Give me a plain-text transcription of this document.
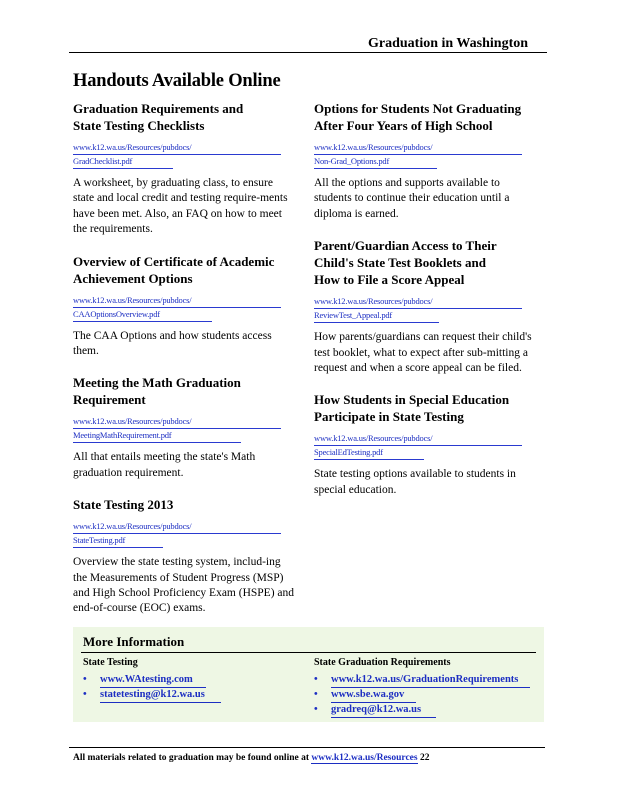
Graduation in Washington
Handouts Available Online
Graduation Requirements and
State Testing Checklists
www.k12.wa.us/Resources/pubdocs/
GradChecklist.pdf
A worksheet, by graduating class, to ensure state and local credit and testing require-ments have been met. Also, an FAQ on how to meet the requirements.
Overview of Certificate of Academic
Achievement Options
www.k12.wa.us/Resources/pubdocs/
CAAOptionsOverview.pdf
The CAA Options and how students access them.
Meeting the Math Graduation
Requirement
www.k12.wa.us/Resources/pubdocs/
MeetingMathRequirement.pdf
All that entails meeting the state's Math graduation requirement.
State Testing 2013
www.k12.wa.us/Resources/pubdocs/
StateTesting.pdf
Overview the state testing system, includ-ing the Measurements of Student Progress (MSP) and High School Proficiency Exam (HSPE) and end-of-course (EOC) exams.
Options for Students Not Graduating
After Four Years of High School
www.k12.wa.us/Resources/pubdocs/
Non-Grad_Options.pdf
All the options and supports available to students to continue their education until a diploma is earned.
Parent/Guardian Access to Their
Child's State Test Booklets and
How to File a Score Appeal
www.k12.wa.us/Resources/pubdocs/
ReviewTest_Appeal.pdf
How parents/guardians can request their child's test booklet, what to expect after sub-mitting a request and when a score appeal can be filed.
How Students in Special Education
Participate in State Testing
www.k12.wa.us/Resources/pubdocs/
SpecialEdTesting.pdf
State testing options available to students in special education.
More Information
State Testing
• www.WAtesting.com
• statetesting@k12.wa.us
State Graduation Requirements
• www.k12.wa.us/GraduationRequirements
• www.sbe.wa.gov
• gradreq@k12.wa.us
All materials related to graduation may be found online at www.k12.wa.us/Resources 22
